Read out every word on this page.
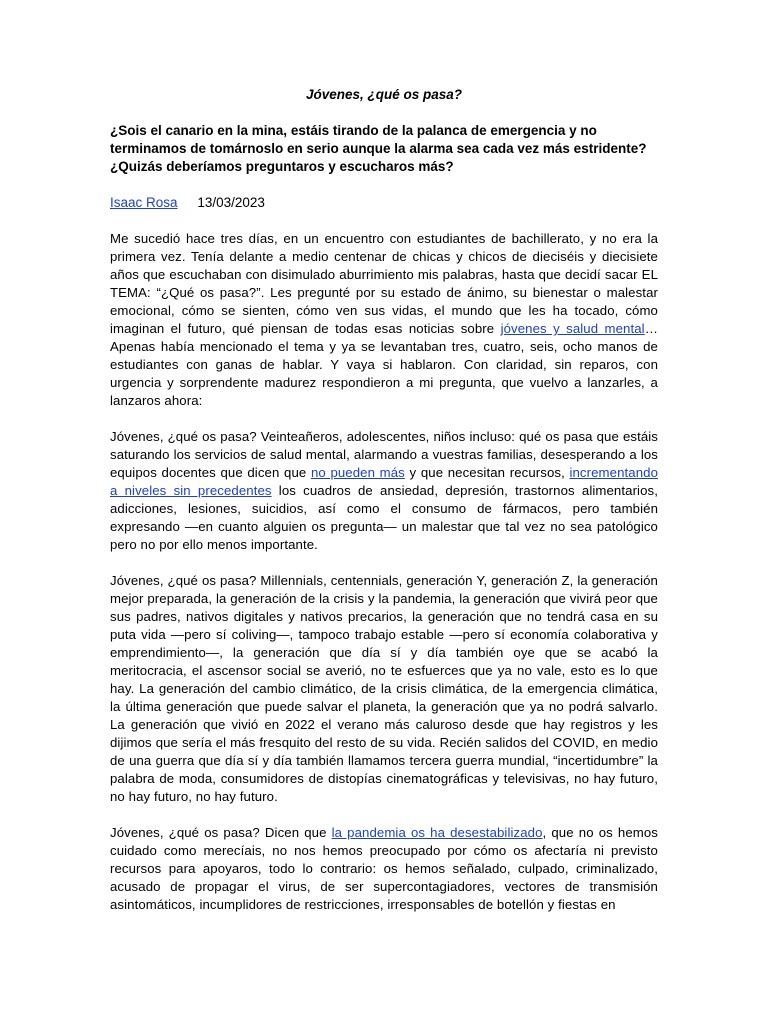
Jóvenes, ¿qué os pasa?

¿Sois el canario en la mina, estáis tirando de la palanca de emergencia y no terminamos de tomárnoslo en serio aunque la alarma sea cada vez más estridente? ¿Quizás deberíamos preguntaros y escucharos más?

Isaac Rosa 13/03/2023

Me sucedió hace tres días, en un encuentro con estudiantes de bachillerato, y no era la primera vez. Tenía delante a medio centenar de chicas y chicos de dieciséis y diecisiete años que escuchaban con disimulado aburrimiento mis palabras, hasta que decidí sacar EL TEMA: “¿Qué os pasa?”. Les pregunté por su estado de ánimo, su bienestar o malestar emocional, cómo se sienten, cómo ven sus vidas, el mundo que les ha tocado, cómo imaginan el futuro, qué piensan de todas esas noticias sobre jóvenes y salud mental… Apenas había mencionado el tema y ya se levantaban tres, cuatro, seis, ocho manos de estudiantes con ganas de hablar. Y vaya si hablaron. Con claridad, sin reparos, con urgencia y sorprendente madurez respondieron a mi pregunta, que vuelvo a lanzarles, a lanzaros ahora:

Jóvenes, ¿qué os pasa? Veinteañeros, adolescentes, niños incluso: qué os pasa que estáis saturando los servicios de salud mental, alarmando a vuestras familias, desesperando a los equipos docentes que dicen que no pueden más y que necesitan recursos, incrementando a niveles sin precedentes los cuadros de ansiedad, depresión, trastornos alimentarios, adicciones, lesiones, suicidios, así como el consumo de fármacos, pero también expresando —en cuanto alguien os pregunta— un malestar que tal vez no sea patológico pero no por ello menos importante.

Jóvenes, ¿qué os pasa? Millennials, centennials, generación Y, generación Z, la generación mejor preparada, la generación de la crisis y la pandemia, la generación que vivirá peor que sus padres, nativos digitales y nativos precarios, la generación que no tendrá casa en su puta vida —pero sí coliving—, tampoco trabajo estable —pero sí economía colaborativa y emprendimiento—, la generación que día sí y día también oye que se acabó la meritocracia, el ascensor social se averió, no te esfuerces que ya no vale, esto es lo que hay. La generación del cambio climático, de la crisis climática, de la emergencia climática, la última generación que puede salvar el planeta, la generación que ya no podrá salvarlo. La generación que vivió en 2022 el verano más caluroso desde que hay registros y les dijimos que sería el más fresquito del resto de su vida. Recién salidos del COVID, en medio de una guerra que día sí y día también llamamos tercera guerra mundial, “incertidumbre” la palabra de moda, consumidores de distopías cinematográficas y televisivas, no hay futuro, no hay futuro, no hay futuro.

Jóvenes, ¿qué os pasa? Dicen que la pandemia os ha desestabilizado, que no os hemos cuidado como merecíais, no nos hemos preocupado por cómo os afectaría ni previsto recursos para apoyaros, todo lo contrario: os hemos señalado, culpado, criminalizado, acusado de propagar el virus, de ser supercontagiadores, vectores de transmisión asintomáticos, incumplidores de restricciones, irresponsables de botellón y fiestas en
